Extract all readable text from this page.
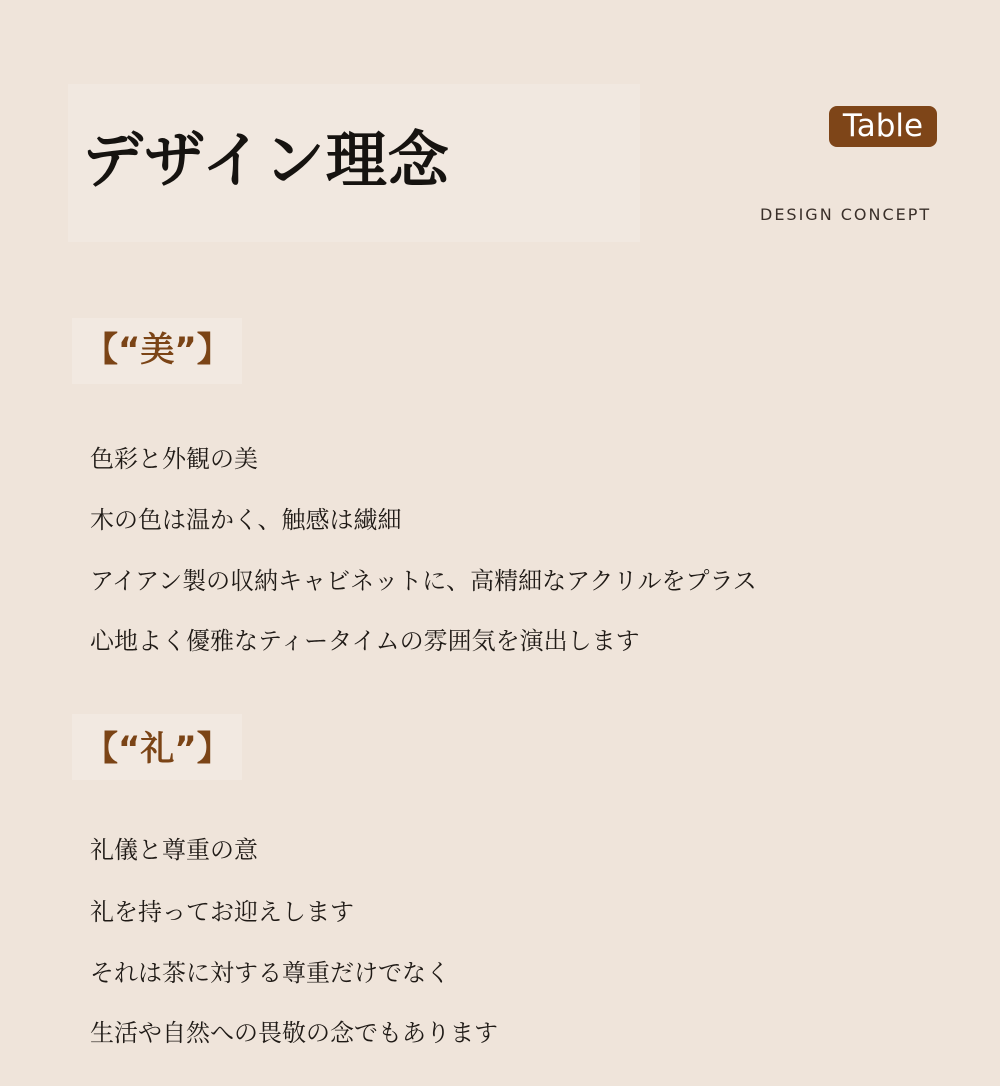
デザイン理念	Table
DESIGN CONCEPT
【“美”】
色彩と外観の美
木の色は温かく、触感は繊細
アイアン製の収納キャビネットに、高精細なアクリルをプラス
心地よく優雅なティータイムの雰囲気を演出します
【“礼”】
礼儀と尊重の意
礼を持ってお迎えします
それは茶に対する尊重だけでなく
生活や自然への畏敬の念でもあります
